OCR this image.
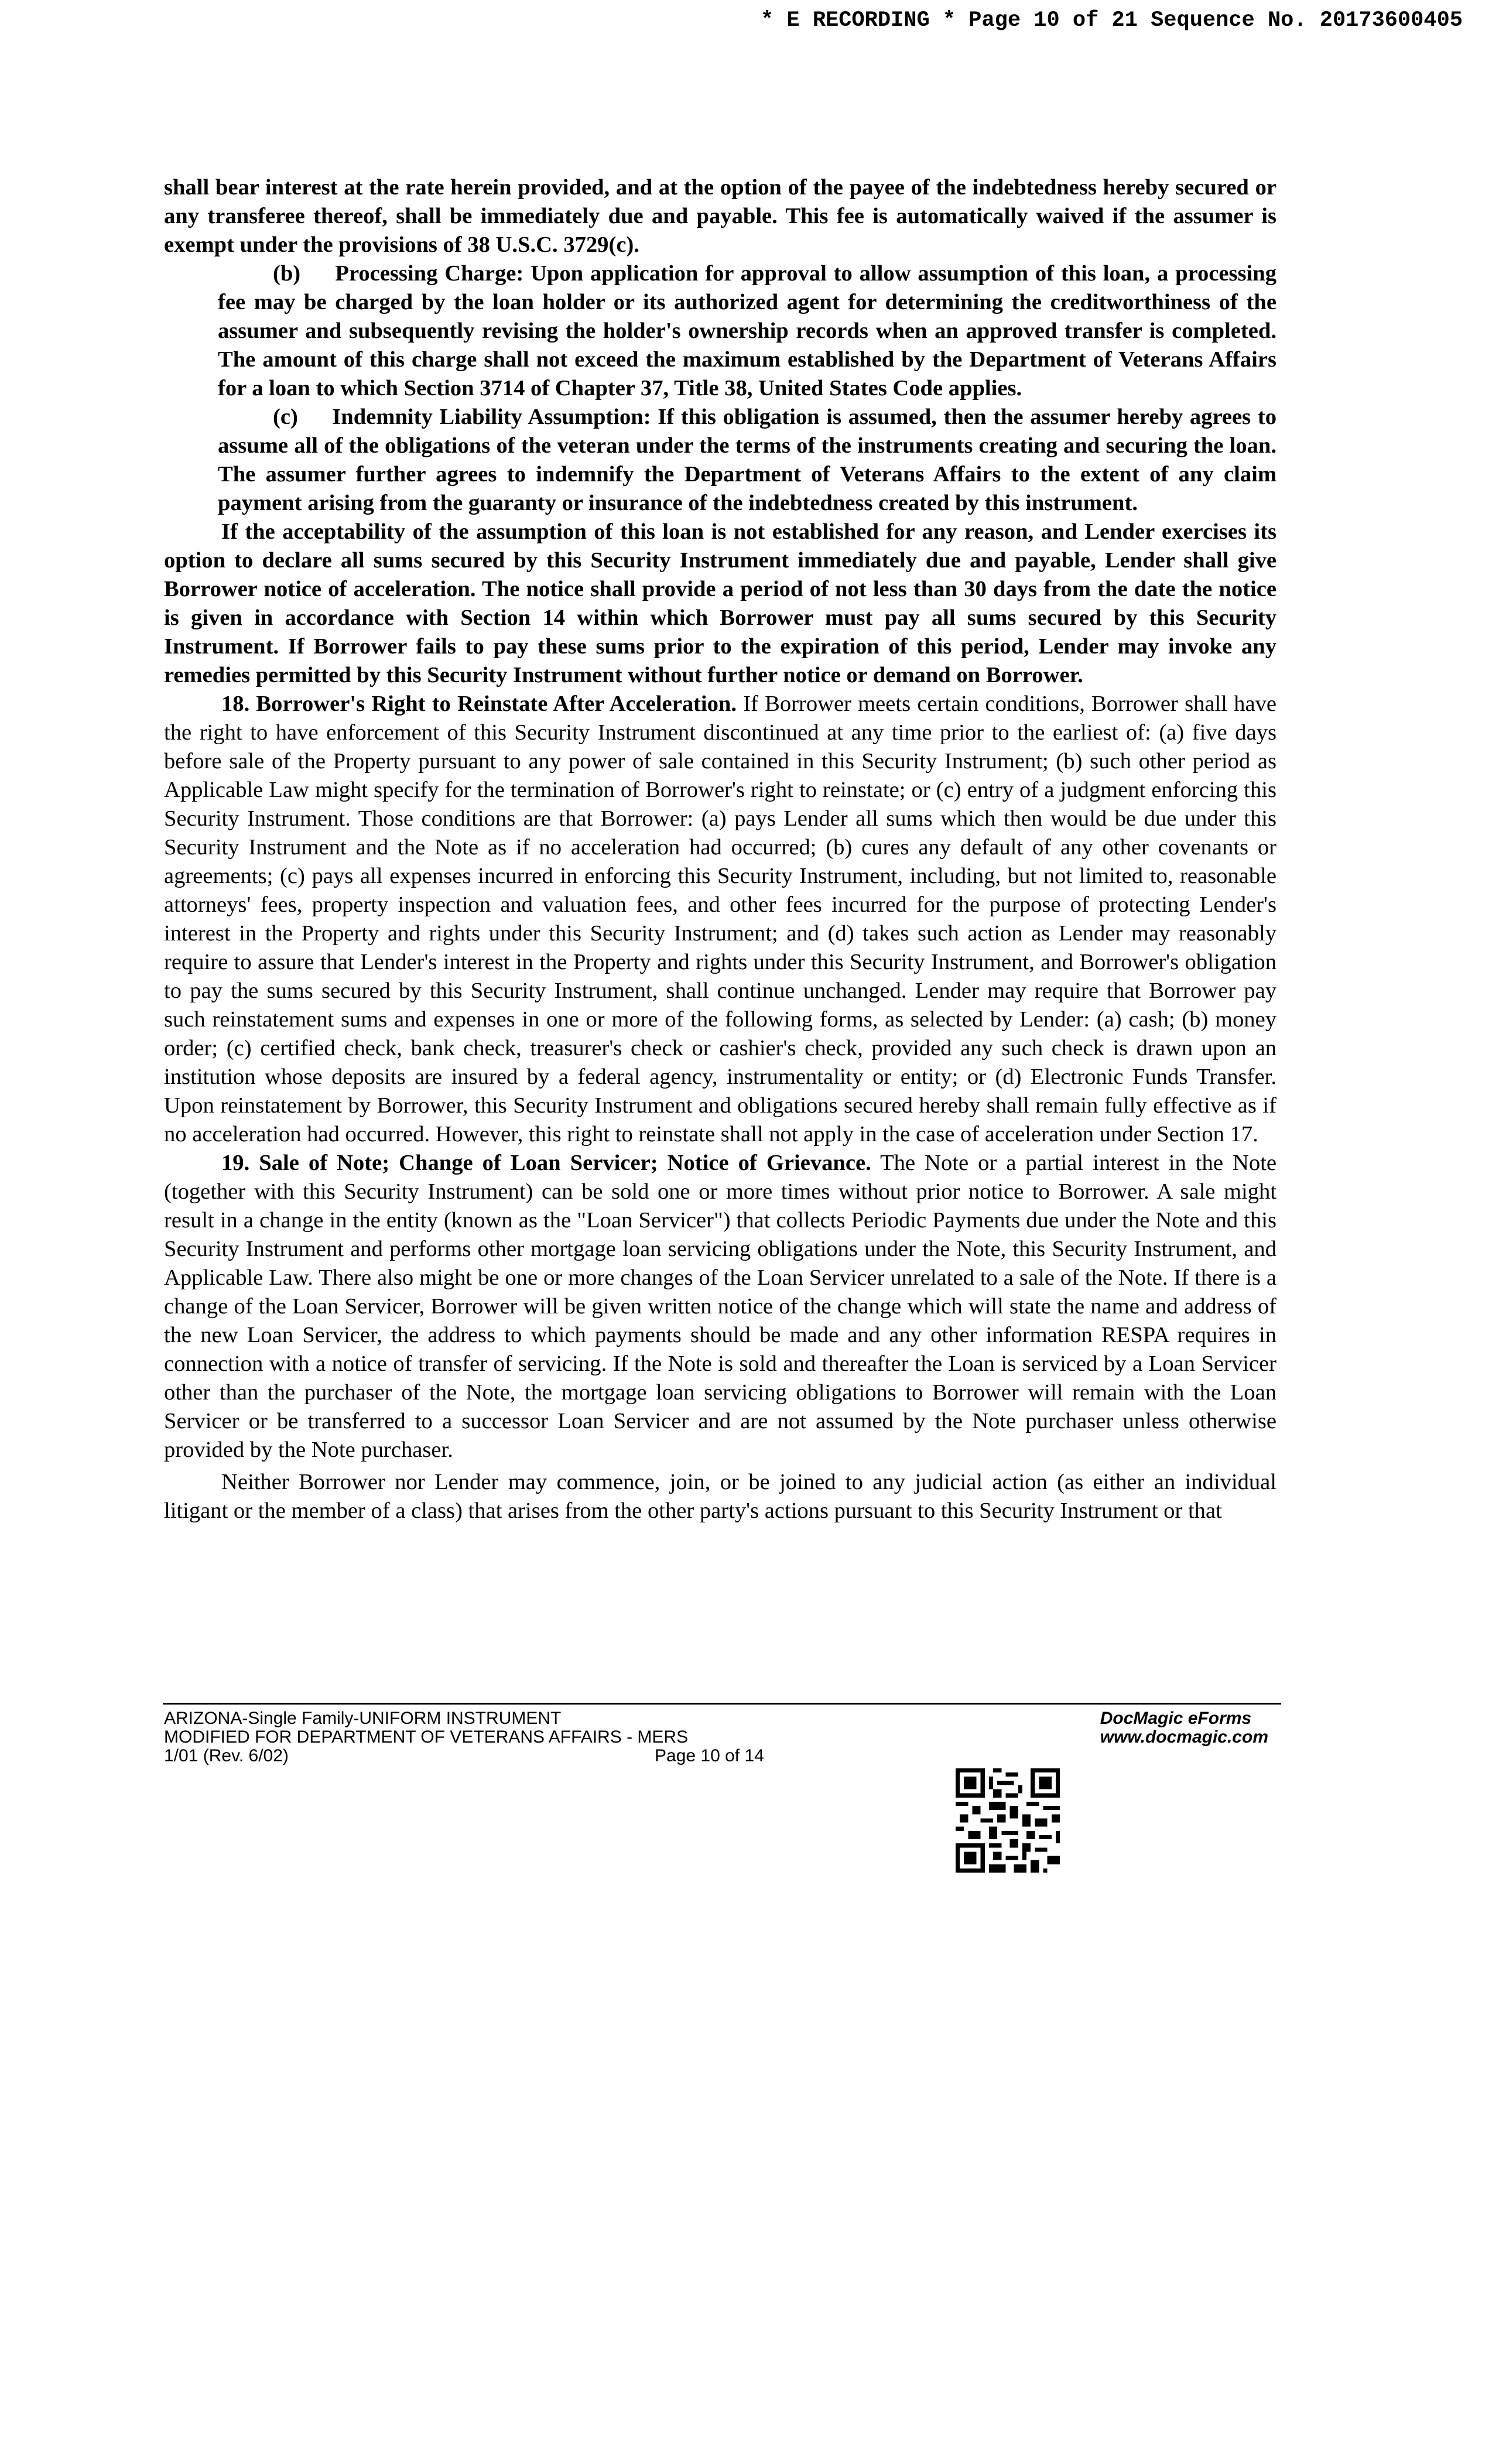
* E RECORDING * Page 10 of 21 Sequence No. 20173600405

shall bear interest at the rate herein provided, and at the option of the payee of the indebtedness hereby secured or any transferee thereof, shall be immediately due and payable. This fee is automatically waived if the assumer is exempt under the provisions of 38 U.S.C. 3729(c).

(b)     Processing Charge: Upon application for approval to allow assumption of this loan, a processing fee may be charged by the loan holder or its authorized agent for determining the creditworthiness of the assumer and subsequently revising the holder's ownership records when an approved transfer is completed. The amount of this charge shall not exceed the maximum established by the Department of Veterans Affairs for a loan to which Section 3714 of Chapter 37, Title 38, United States Code applies.

(c)     Indemnity Liability Assumption: If this obligation is assumed, then the assumer hereby agrees to assume all of the obligations of the veteran under the terms of the instruments creating and securing the loan. The assumer further agrees to indemnify the Department of Veterans Affairs to the extent of any claim payment arising from the guaranty or insurance of the indebtedness created by this instrument.

If the acceptability of the assumption of this loan is not established for any reason, and Lender exercises its option to declare all sums secured by this Security Instrument immediately due and payable, Lender shall give Borrower notice of acceleration. The notice shall provide a period of not less than 30 days from the date the notice is given in accordance with Section 14 within which Borrower must pay all sums secured by this Security Instrument. If Borrower fails to pay these sums prior to the expiration of this period, Lender may invoke any remedies permitted by this Security Instrument without further notice or demand on Borrower.

18. Borrower's Right to Reinstate After Acceleration. If Borrower meets certain conditions, Borrower shall have the right to have enforcement of this Security Instrument discontinued at any time prior to the earliest of: (a) five days before sale of the Property pursuant to any power of sale contained in this Security Instrument; (b) such other period as Applicable Law might specify for the termination of Borrower's right to reinstate; or (c) entry of a judgment enforcing this Security Instrument. Those conditions are that Borrower: (a) pays Lender all sums which then would be due under this Security Instrument and the Note as if no acceleration had occurred; (b) cures any default of any other covenants or agreements; (c) pays all expenses incurred in enforcing this Security Instrument, including, but not limited to, reasonable attorneys' fees, property inspection and valuation fees, and other fees incurred for the purpose of protecting Lender's interest in the Property and rights under this Security Instrument; and (d) takes such action as Lender may reasonably require to assure that Lender's interest in the Property and rights under this Security Instrument, and Borrower's obligation to pay the sums secured by this Security Instrument, shall continue unchanged. Lender may require that Borrower pay such reinstatement sums and expenses in one or more of the following forms, as selected by Lender: (a) cash; (b) money order; (c) certified check, bank check, treasurer's check or cashier's check, provided any such check is drawn upon an institution whose deposits are insured by a federal agency, instrumentality or entity; or (d) Electronic Funds Transfer. Upon reinstatement by Borrower, this Security Instrument and obligations secured hereby shall remain fully effective as if no acceleration had occurred. However, this right to reinstate shall not apply in the case of acceleration under Section 17.

19. Sale of Note; Change of Loan Servicer; Notice of Grievance. The Note or a partial interest in the Note (together with this Security Instrument) can be sold one or more times without prior notice to Borrower. A sale might result in a change in the entity (known as the "Loan Servicer") that collects Periodic Payments due under the Note and this Security Instrument and performs other mortgage loan servicing obligations under the Note, this Security Instrument, and Applicable Law. There also might be one or more changes of the Loan Servicer unrelated to a sale of the Note. If there is a change of the Loan Servicer, Borrower will be given written notice of the change which will state the name and address of the new Loan Servicer, the address to which payments should be made and any other information RESPA requires in connection with a notice of transfer of servicing. If the Note is sold and thereafter the Loan is serviced by a Loan Servicer other than the purchaser of the Note, the mortgage loan servicing obligations to Borrower will remain with the Loan Servicer or be transferred to a successor Loan Servicer and are not assumed by the Note purchaser unless otherwise provided by the Note purchaser.

Neither Borrower nor Lender may commence, join, or be joined to any judicial action (as either an individual litigant or the member of a class) that arises from the other party's actions pursuant to this Security Instrument or that

ARIZONA-Single Family-UNIFORM INSTRUMENT
MODIFIED FOR DEPARTMENT OF VETERANS AFFAIRS - MERS
1/01 (Rev. 6/02)	Page 10 of 14
DocMagic eForms
www.docmagic.com
